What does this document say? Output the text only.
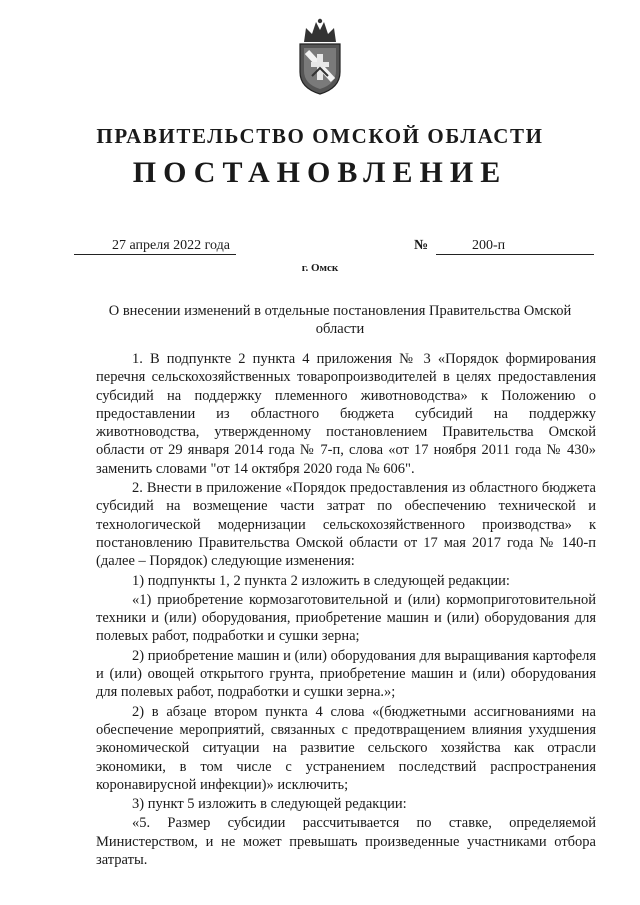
ПРАВИТЕЛЬСТВО ОМСКОЙ ОБЛАСТИ
ПОСТАНОВЛЕНИЕ
27 апреля 2022 года	№	200-п
г. Омск
О внесении изменений в отдельные постановления Правительства Омской области

1. В подпункте 2 пункта 4 приложения № 3 «Порядок формирования перечня сельскохозяйственных товаропроизводителей в целях предоставления субсидий на поддержку племенного животноводства» к Положению о предоставлении из областного бюджета субсидий на поддержку животноводства, утвержденному постановлением Правительства Омской области от 29 января 2014 года № 7-п, слова «от 17 ноября 2011 года № 430» заменить словами "от 14 октября 2020 года № 606".

2. Внести в приложение «Порядок предоставления из областного бюджета субсидий на возмещение части затрат по обеспечению технической и технологической модернизации сельскохозяйственного производства» к постановлению Правительства Омской области от 17 мая 2017 года № 140-п (далее – Порядок) следующие изменения:

1) подпункты 1, 2 пункта 2 изложить в следующей редакции:

«1) приобретение кормозаготовительной и (или) кормоприготовительной техники и (или) оборудования, приобретение машин и (или) оборудования для полевых работ, подработки и сушки зерна;

2) приобретение машин и (или) оборудования для выращивания картофеля и (или) овощей открытого грунта, приобретение машин и (или) оборудования для полевых работ, подработки и сушки зерна.»;

2) в абзаце втором пункта 4 слова «(бюджетными ассигнованиями на обеспечение мероприятий, связанных с предотвращением влияния ухудшения экономической ситуации на развитие сельского хозяйства как отрасли экономики, в том числе с устранением последствий распространения коронавирусной инфекции)» исключить;

3) пункт 5 изложить в следующей редакции:

«5. Размер субсидии рассчитывается по ставке, определяемой Министерством, и не может превышать произведенные участниками отбора затраты.
